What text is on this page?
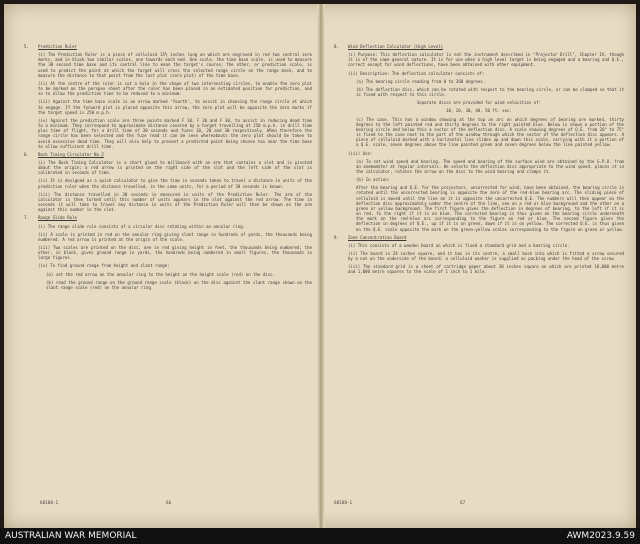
5. Prediction Ruler

(i) The Prediction Ruler is a piece of celluloid 15½ inches long on which are engraved in red two central zero marks, and in black two similar scales, one towards each end. One scale, the time base scale, is used to measure the 30 second time base and its central line to mean the target's course; the other, or prediction scale, is used to predict the point at which the target will cross the selected range circle on the range mask, and to measure the distance to that point from the last plot (zero plot) of the time base.

(ii) At the centre of the ruler is cut a hole in the shape of two intersecting circles, to enable the zero plot to be marked on the perspex sheet after the ruler has been placed in an estimated position for prediction, and so to allow the prediction time to be reduced to a minimum.

(iii) Against the time base scale is an arrow marked 'fourth', to assist in choosing the range circle at which to engage. If the forward plot is placed opposite this arrow, the zero plot will be opposite the zero marks if the target speed is 250 m.p.h.

(iv) Against the prediction scale are three points marked F 10, F 20 and F 30, to assist in reducing dead time to a minimum. They correspond to approximate distance covered by a target travelling at 250 m.p.h. in drill time plus time of flight, for a drill time of 30 seconds and fuzes 10, 20 and 30 respectively. When therefore the range circle has been selected and the fuze read it can be seen whereabouts the zero plot should be taken to avoid excessive dead time. They will also help to prevent a predicted point being chosen too near the time base to allow sufficient drill time.

6. Back Timing Circulator No.2

(i) The Back Timing Calculator is a chart glued to millboard with an arm that contains a slot and is pivoted about the origin; a red arrow is printed on the right side of the slot and the left side of the slot is calibrated in seconds of time.

(ii) It is designed as a quick calculator to give the time in seconds taken to travel a distance in units of the prediction ruler when the distance travelled, in the same units, for a period of 30 seconds is known.

(iii) The distance travelled in 30 seconds is measured in units of the Prediction Ruler. The arm of the calculator is then turned until this number of units appears in the slot against the red arrow. The time in seconds it will take to travel any distance in units of the Prediction Ruler will then be shown on the arm against this number in the slot.

7. Range Slide Rule

(i) The range slide rule consists of a circular disc rotating within an annular ring.

(ii) A scale is printed in red on the annular ring giving slant range in hundreds of yards, the thousands being numbered. A red arrow is printed at the origin of the scale.

(iii) Two scales are printed on the disc, one in red giving height in feet, the thousands being numbered; the other, in black, gives ground range in yards, the hundreds being numbered in small figures, the thousands in large figures.

(iv) To find ground range from height and slant range:

(a) set the red arrow on the annular ring to the height on the height scale (red) on the disc.

(b) read the ground range on the ground range scale (black) on the disc against the slant range shown on the slant range scale (red) on the annular ring.

68188-1	66
8. Wind Deflection Calculator (High Level)

(i) Purpose: This deflection calculator is not the instrument described in "Projector Drill", Chapter IV, though it is of the same general nature. It is for use when a high level target is being engaged and a bearing and Q.E., correct except for wind deflections, have been obtained with other equipment.

(ii) Description: The deflection calculator consists of:

(a) The bearing circle reading from 0 to 360 degrees.

(b) The deflection disc, which can be rotated with respect to the bearing circle, or can be clamped so that it is fixed with respect to this circle.

Separate discs are provided for wind velocities of:

10, 20, 30, 40, 50 ft. sec.

(c) The case. This has a window showing at the top an arc on which degrees of bearing are marked, thirty degrees to the left painted red and thirty degrees to the right painted blue. Below is shown a portion of the bearing circle and below this a sector of the deflection disc. A scale showing degrees of Q.E. from 20° to 75° is fixed to the case next to the part of the window through which the sector of the deflection disc appears. A piece of celluloid marked with a horizontal line slides up and down this scale, carrying with it a portion of a Q.E. scale, seven degrees above the line painted green and seven degrees below the line painted yellow.

(iii) Use:

(a) To set wind speed and bearing. The speed and bearing of the surface wind are obtained by the G.P.O. from an anemometer at regular intervals. He selects the deflection disc appropriate to the wind speed, places it in the calculator, rotates the arrow on the disc to the wind bearing and clamps it.

(b) In action:

After the bearing and Q.E. for the projectors, uncorrected for wind, have been obtained, the bearing circle is rotated until the uncorrected bearing is opposite the zero of the red-blue bearing arc. The sliding piece of celluloid is moved until the line on it is opposite the uncorrected Q.E. The numbers will then appear on the deflection disc approximately under the centre of the line, one on a red or blue background and the other on a green or yellow background. The first figure gives the deflection in degrees of bearing, to the left if it is on red, to the right if it is on blue. The corrected bearing is thus given on the bearing circle underneath the mark on the red-blue arc corresponding to the figure on red or blue. The second figure gives the deflection in degrees of Q.E., up if it is on green, down if it is on yellow. The corrected Q.E. is thus given on the Q.E. scale opposite the mark on the green-yellow scales corresponding to the figure on green or yellow.

9. Zone Concentration Board

(i) This consists of a wooden board on which is fixed a standard grid and a bearing circle.

(ii) The board is 24 inches square, and it has in its centre, a small bush into which is fitted a screw secured by a nut on the underside of the board; a celluloid washer is supplied as packing under the head of the screw.

(iii) The standard grid is a sheet of cartridge paper about 30 inches square on which are printed 10,000 metre and 1,000 metre squares to the scale of 1 inch to 1 mile.

68188-1	67
AUSTRALIAN WAR MEMORIAL	AWM2023.9.59
